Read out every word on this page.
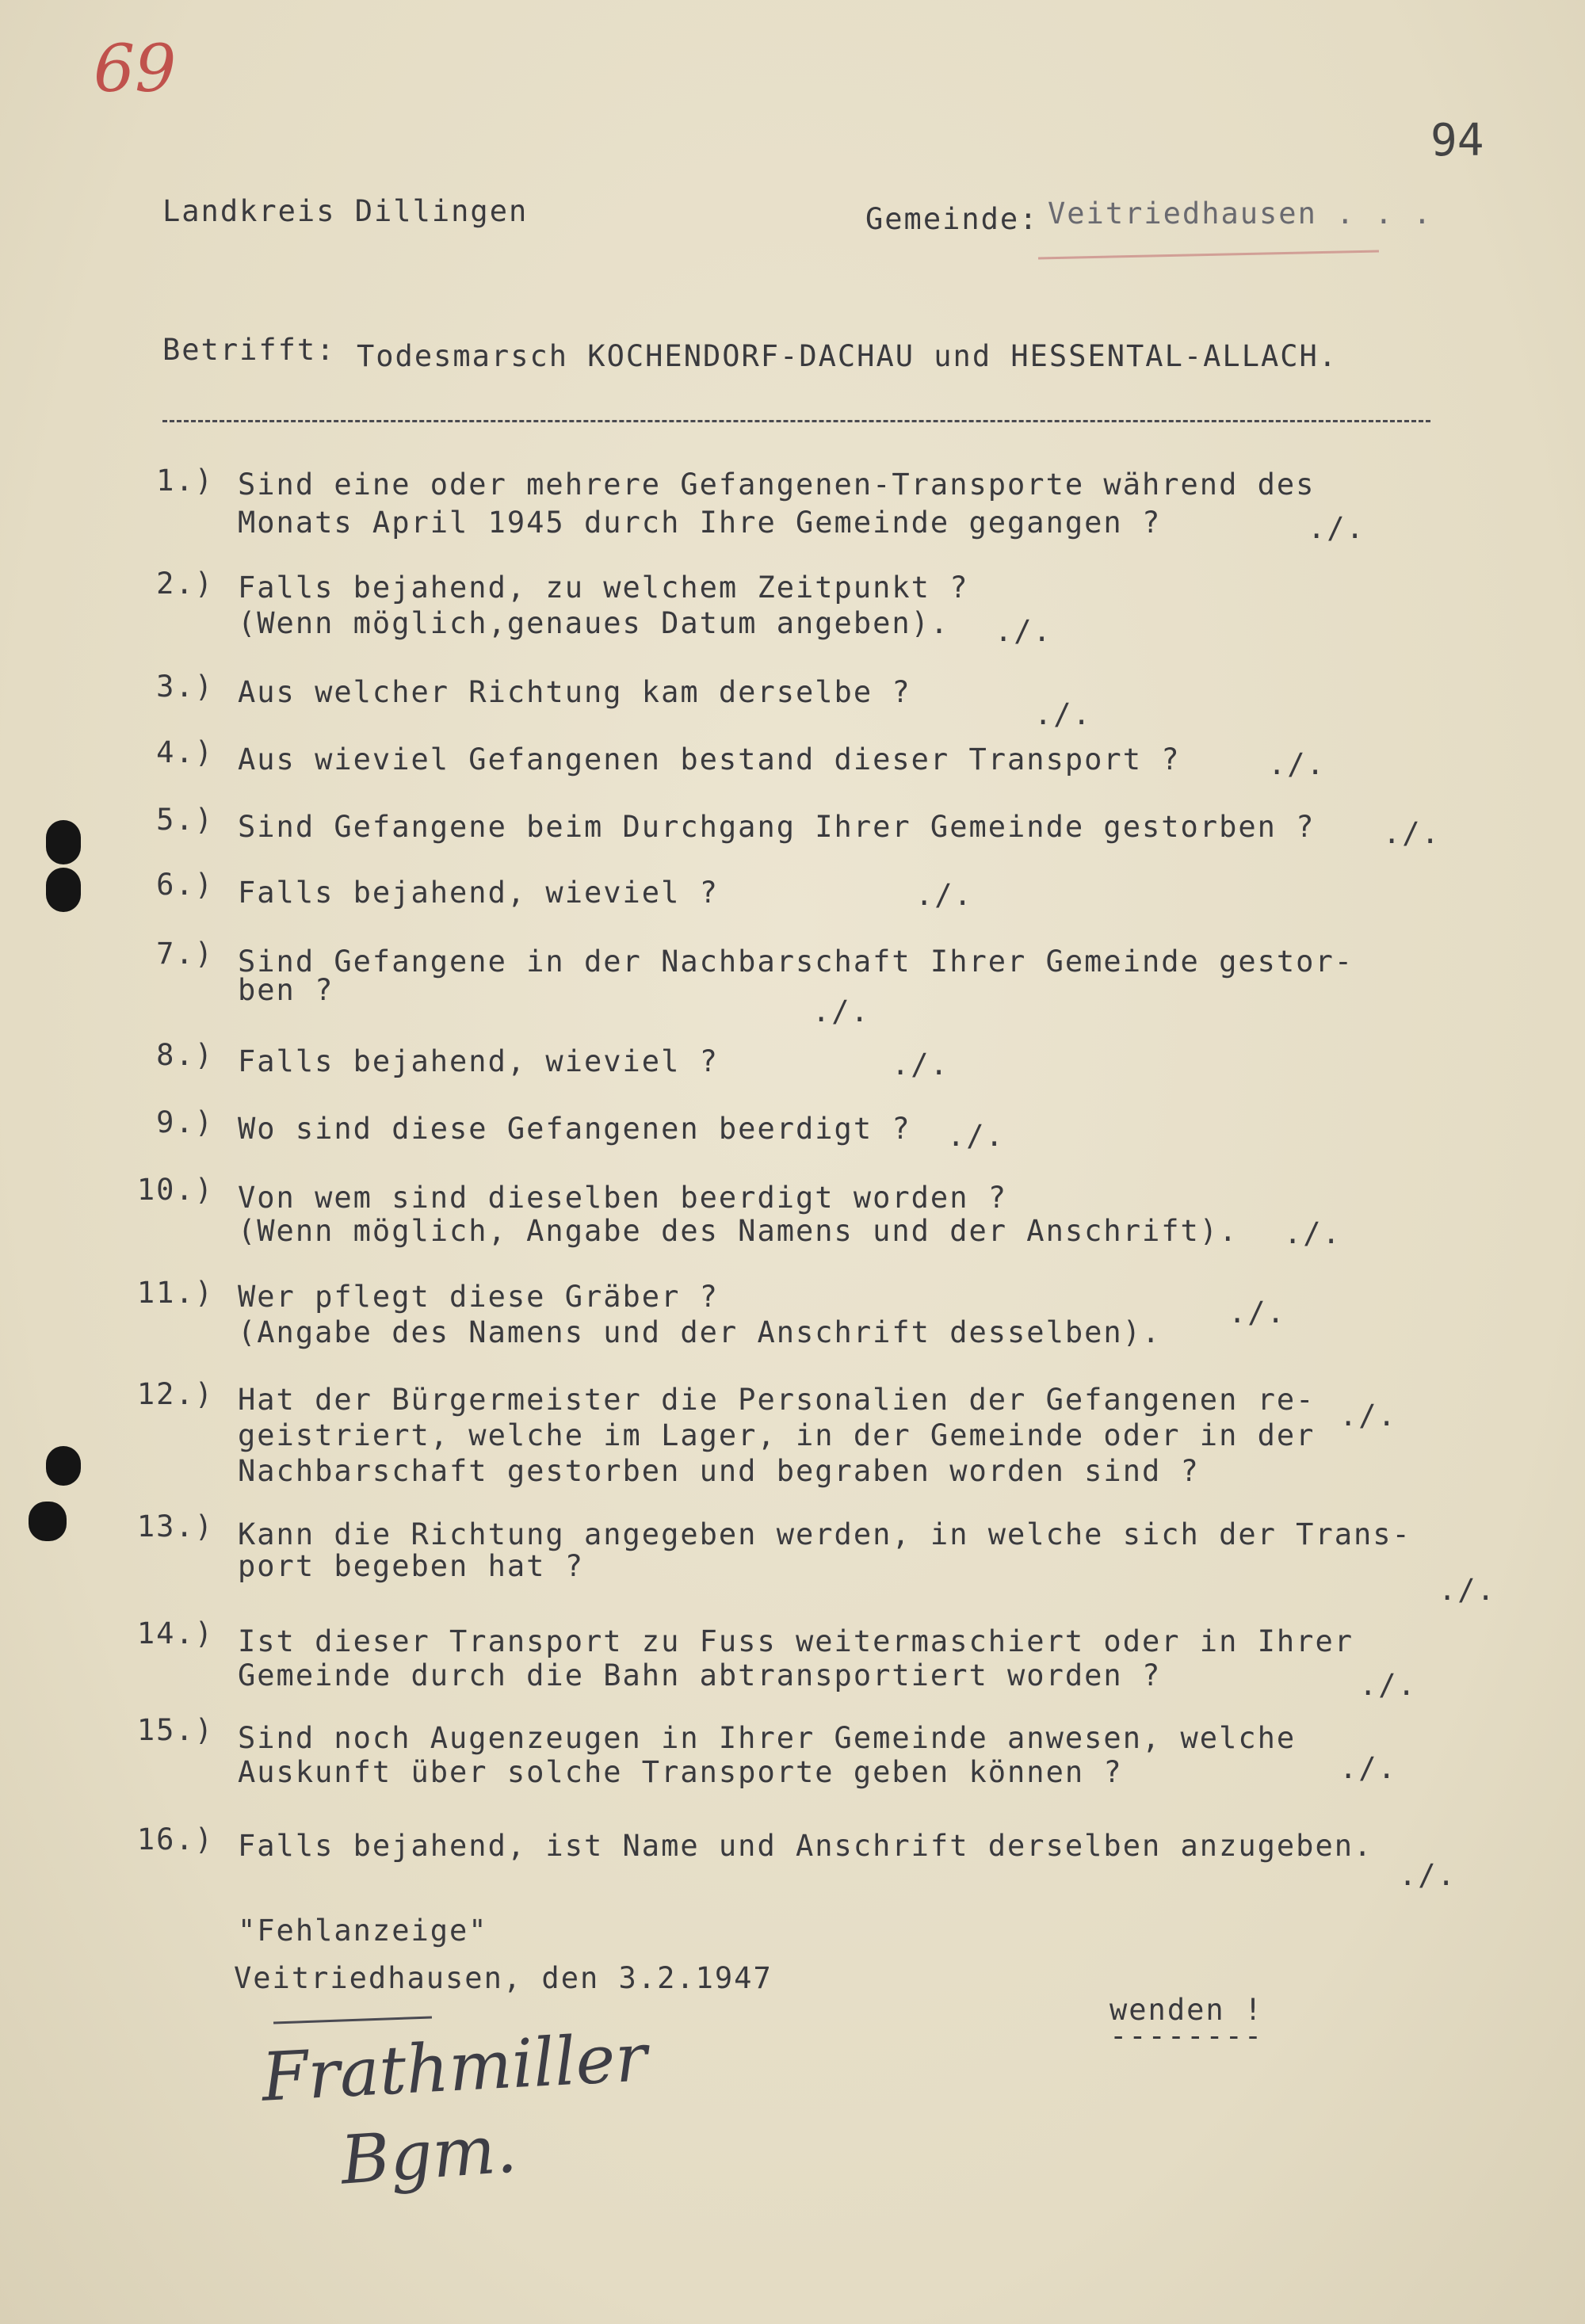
69
94
Landkreis Dillingen	Gemeinde: Veitriedhausen . . .
Betrifft: Todesmarsch KOCHENDORF-DACHAU und HESSENTAL-ALLACH.
1.) Sind eine oder mehrere Gefangenen-Transporte während des
Monats April 1945 durch Ihre Gemeinde gegangen ?	./.
2.) Falls bejahend, zu welchem Zeitpunkt ?
(Wenn möglich,genaues Datum angeben). ./.
3.) Aus welcher Richtung kam derselbe ?
./.
4.) Aus wieviel Gefangenen bestand dieser Transport ?	./.
5.) Sind Gefangene beim Durchgang Ihrer Gemeinde gestorben ? ./.
6.) Falls bejahend, wieviel ?	./.
7.) Sind Gefangene in der Nachbarschaft Ihrer Gemeinde gestor-
ben ?
./.
8.) Falls bejahend, wieviel ?	./.
9.) Wo sind diese Gefangenen beerdigt ? ./.
10.) Von wem sind dieselben beerdigt worden ?
(Wenn möglich, Angabe des Namens und der Anschrift). ./.
11.) Wer pflegt diese Gräber ?
(Angabe des Namens und der Anschrift desselben).
./.
12.) Hat der Bürgermeister die Personalien der Gefangenen re-
geistriert, welche im Lager, in der Gemeinde oder in der
Nachbarschaft gestorben und begraben worden sind ?
./.
13.) Kann die Richtung angegeben werden, in welche sich der Trans-
port begeben hat ?
./.
14.) Ist dieser Transport zu Fuss weitermaschiert oder in Ihrer
Gemeinde durch die Bahn abtransportiert worden ?	./.
15.) Sind noch Augenzeugen in Ihrer Gemeinde anwesen, welche
Auskunft über solche Transporte geben können ?	./.
16.) Falls bejahend, ist Name und Anschrift derselben anzugeben.
./.
"Fehlanzeige"
Veitriedhausen, den 3.2.1947
wenden !
--------
Frathmiller
Bgm.
